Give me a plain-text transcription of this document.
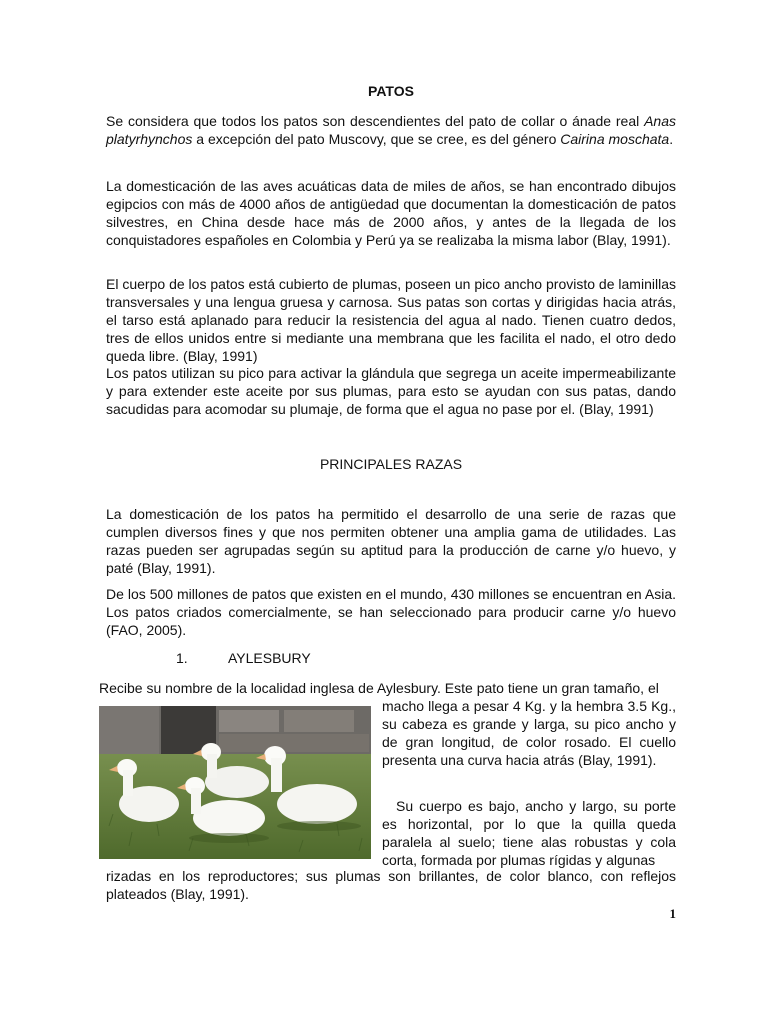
PATOS

Se considera que todos los patos son descendientes del pato de collar o ánade real Anas platyrhynchos a excepción del pato Muscovy, que se cree, es del género Cairina moschata.

La domesticación de las aves acuáticas data de miles de años, se han encontrado dibujos egipcios con más de 4000 años de antigüedad que documentan la domesticación de patos silvestres, en China desde hace más de 2000 años, y antes de la llegada de los conquistadores españoles en Colombia y Perú ya se realizaba la misma labor (Blay, 1991).

El cuerpo de los patos está cubierto de plumas, poseen un pico ancho provisto de laminillas transversales y una lengua gruesa y carnosa. Sus patas son cortas y dirigidas hacia atrás, el tarso está aplanado para reducir la resistencia del agua al nado. Tienen cuatro dedos, tres de ellos unidos entre si mediante una membrana que les facilita el nado, el otro dedo queda libre. (Blay, 1991)

Los patos utilizan su pico para activar la glándula que segrega un aceite impermeabilizante y para extender este aceite por sus plumas, para esto se ayudan con sus patas, dando sacudidas para acomodar su plumaje, de forma que el agua no pase por el. (Blay, 1991)

PRINCIPALES RAZAS

La domesticación de los patos ha permitido el desarrollo de una serie de razas que cumplen diversos fines y que nos permiten obtener una amplia gama de utilidades. Las razas pueden ser agrupadas según su aptitud para la producción de carne y/o huevo, y paté (Blay, 1991).

De los 500 millones de patos que existen en el mundo, 430 millones se encuentran en Asia. Los patos criados comercialmente, se han seleccionado para producir carne y/o huevo (FAO, 2005).

1.	AYLESBURY

Recibe su nombre de la localidad inglesa de Aylesbury. Este pato tiene un gran tamaño, el

macho llega a pesar 4 Kg. y la hembra 3.5 Kg., su cabeza es grande y larga, su pico ancho y de gran longitud, de color rosado. El cuello presenta una curva hacia atrás (Blay, 1991).

Su cuerpo es bajo, ancho y largo, su porte es horizontal, por lo que la quilla queda paralela al suelo; tiene alas robustas y cola corta, formada por plumas rígidas y algunas

rizadas en los reproductores; sus plumas son brillantes, de color blanco, con reflejos plateados (Blay, 1991).

1
